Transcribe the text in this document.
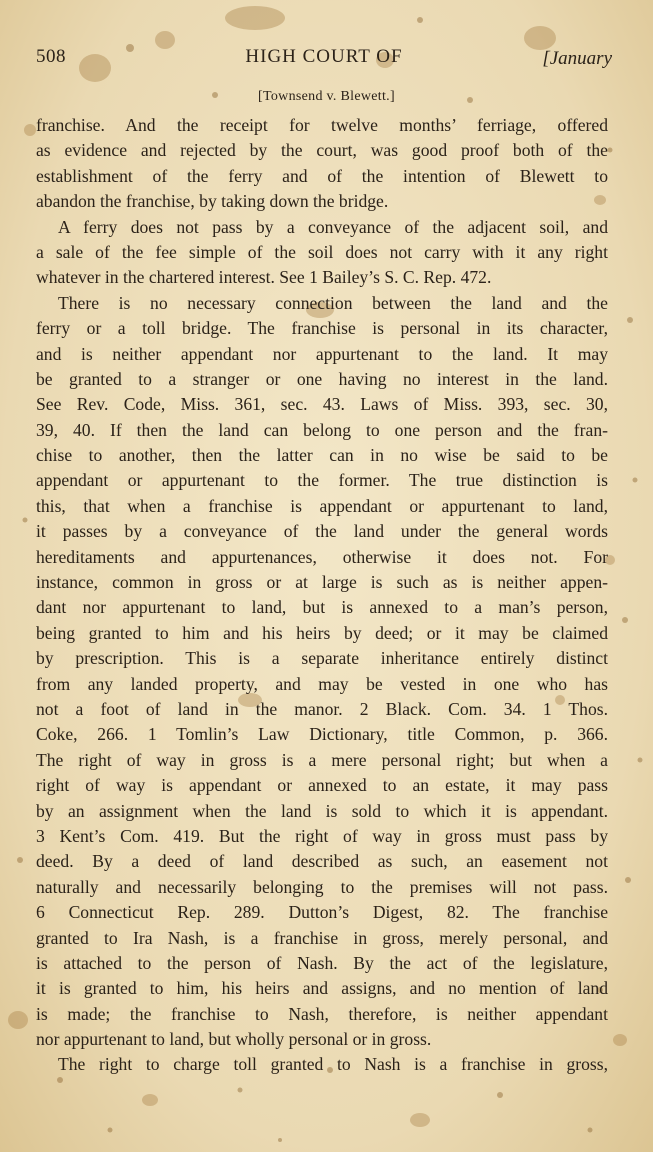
508	HIGH COURT OF	[January
[Townsend v. Blewett.]
franchise. And the receipt for twelve months’ ferriage, offered
as evidence and rejected by the court, was good proof both of the
establishment of the ferry and of the intention of Blewett to
abandon the franchise, by taking down the bridge.
A ferry does not pass by a conveyance of the adjacent soil, and
a sale of the fee simple of the soil does not carry with it any right
whatever in the chartered interest. See 1 Bailey’s S. C. Rep. 472.
There is no necessary connection between the land and the
ferry or a toll bridge. The franchise is personal in its character,
and is neither appendant nor appurtenant to the land. It may
be granted to a stranger or one having no interest in the land.
See Rev. Code, Miss. 361, sec. 43. Laws of Miss. 393, sec. 30,
39, 40. If then the land can belong to one person and the fran-
chise to another, then the latter can in no wise be said to be
appendant or appurtenant to the former. The true distinction is
this, that when a franchise is appendant or appurtenant to land,
it passes by a conveyance of the land under the general words
hereditaments and appurtenances, otherwise it does not. For
instance, common in gross or at large is such as is neither appen-
dant nor appurtenant to land, but is annexed to a man’s person,
being granted to him and his heirs by deed; or it may be claimed
by prescription. This is a separate inheritance entirely distinct
from any landed property, and may be vested in one who has
not a foot of land in the manor. 2 Black. Com. 34. 1 Thos.
Coke, 266. 1 Tomlin’s Law Dictionary, title Common, p. 366.
The right of way in gross is a mere personal right; but when a
right of way is appendant or annexed to an estate, it may pass
by an assignment when the land is sold to which it is appendant.
3 Kent’s Com. 419. But the right of way in gross must pass by
deed. By a deed of land described as such, an easement not
naturally and necessarily belonging to the premises will not pass.
6 Connecticut Rep. 289. Dutton’s Digest, 82. The franchise
granted to Ira Nash, is a franchise in gross, merely personal, and
is attached to the person of Nash. By the act of the legislature,
it is granted to him, his heirs and assigns, and no mention of land
is made; the franchise to Nash, therefore, is neither appendant
nor appurtenant to land, but wholly personal or in gross.
The right to charge toll granted to Nash is a franchise in gross,
